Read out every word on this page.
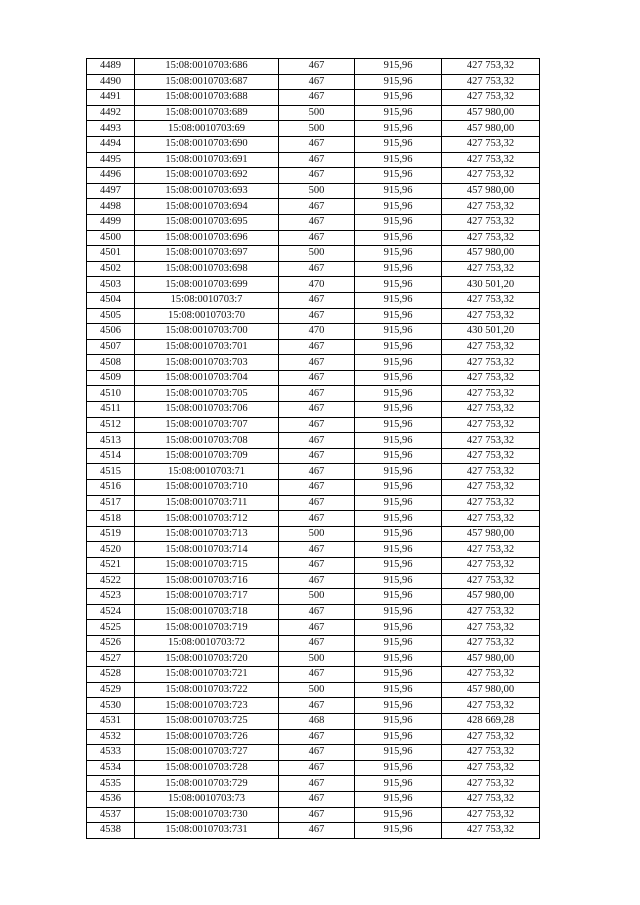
4489	15:08:0010703:686	467	915,96	427 753,32
4490	15:08:0010703:687	467	915,96	427 753,32
4491	15:08:0010703:688	467	915,96	427 753,32
4492	15:08:0010703:689	500	915,96	457 980,00
4493	15:08:0010703:69	500	915,96	457 980,00
4494	15:08:0010703:690	467	915,96	427 753,32
4495	15:08:0010703:691	467	915,96	427 753,32
4496	15:08:0010703:692	467	915,96	427 753,32
4497	15:08:0010703:693	500	915,96	457 980,00
4498	15:08:0010703:694	467	915,96	427 753,32
4499	15:08:0010703:695	467	915,96	427 753,32
4500	15:08:0010703:696	467	915,96	427 753,32
4501	15:08:0010703:697	500	915,96	457 980,00
4502	15:08:0010703:698	467	915,96	427 753,32
4503	15:08:0010703:699	470	915,96	430 501,20
4504	15:08:0010703:7	467	915,96	427 753,32
4505	15:08:0010703:70	467	915,96	427 753,32
4506	15:08:0010703:700	470	915,96	430 501,20
4507	15:08:0010703:701	467	915,96	427 753,32
4508	15:08:0010703:703	467	915,96	427 753,32
4509	15:08:0010703:704	467	915,96	427 753,32
4510	15:08:0010703:705	467	915,96	427 753,32
4511	15:08:0010703:706	467	915,96	427 753,32
4512	15:08:0010703:707	467	915,96	427 753,32
4513	15:08:0010703:708	467	915,96	427 753,32
4514	15:08:0010703:709	467	915,96	427 753,32
4515	15:08:0010703:71	467	915,96	427 753,32
4516	15:08:0010703:710	467	915,96	427 753,32
4517	15:08:0010703:711	467	915,96	427 753,32
4518	15:08:0010703:712	467	915,96	427 753,32
4519	15:08:0010703:713	500	915,96	457 980,00
4520	15:08:0010703:714	467	915,96	427 753,32
4521	15:08:0010703:715	467	915,96	427 753,32
4522	15:08:0010703:716	467	915,96	427 753,32
4523	15:08:0010703:717	500	915,96	457 980,00
4524	15:08:0010703:718	467	915,96	427 753,32
4525	15:08:0010703:719	467	915,96	427 753,32
4526	15:08:0010703:72	467	915,96	427 753,32
4527	15:08:0010703:720	500	915,96	457 980,00
4528	15:08:0010703:721	467	915,96	427 753,32
4529	15:08:0010703:722	500	915,96	457 980,00
4530	15:08:0010703:723	467	915,96	427 753,32
4531	15:08:0010703:725	468	915,96	428 669,28
4532	15:08:0010703:726	467	915,96	427 753,32
4533	15:08:0010703:727	467	915,96	427 753,32
4534	15:08:0010703:728	467	915,96	427 753,32
4535	15:08:0010703:729	467	915,96	427 753,32
4536	15:08:0010703:73	467	915,96	427 753,32
4537	15:08:0010703:730	467	915,96	427 753,32
4538	15:08:0010703:731	467	915,96	427 753,32
